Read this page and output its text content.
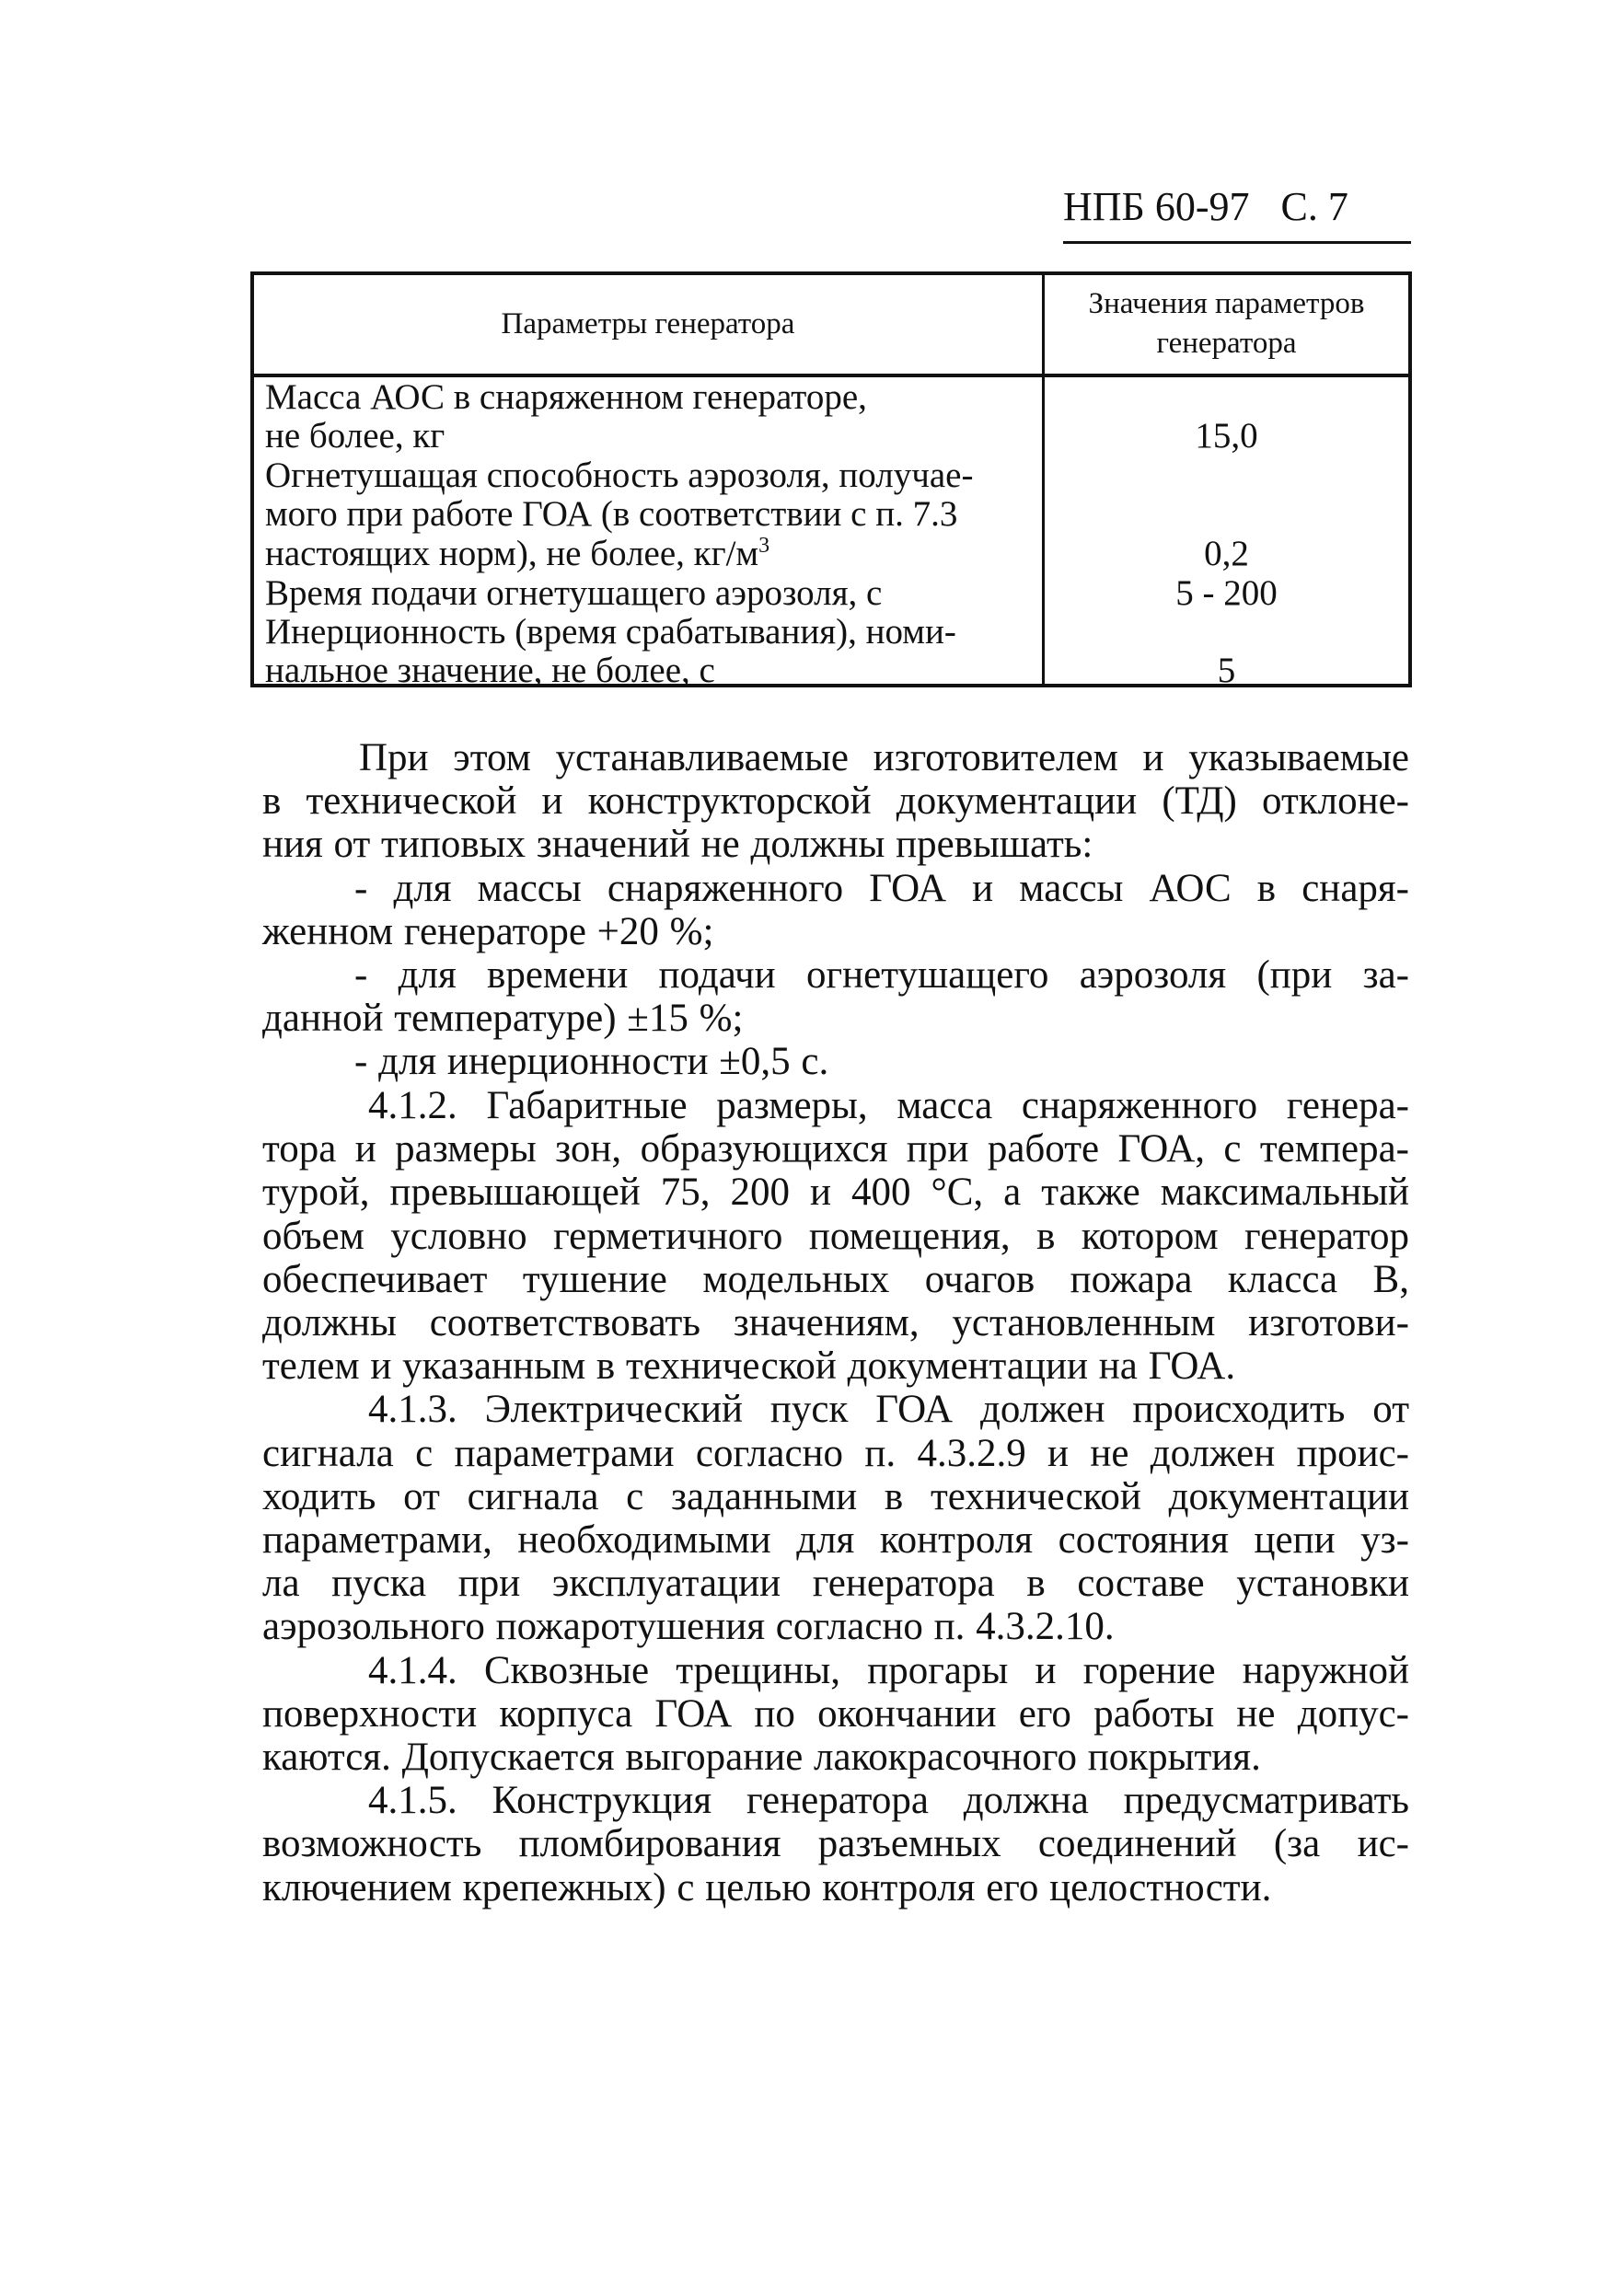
НПБ 60-97 С. 7
Параметры генератора
Значения параметров
генератора
Масса АОС в снаряженном генераторе,
не более, кг
Огнетушащая способность аэрозоля, получае-
мого при работе ГОА (в соответствии с п. 7.3
настоящих норм), не более, $кг/м^3$
Время подачи огнетушащего аэрозоля, с
Инерционность (время срабатывания), номи-
нальное значение, не более, с
15,0
0,2
5 - 200
5
При этом устанавливаемые изготовителем и указываемые
в технической и конструкторской документации (ТД) отклоне-
ния от типовых значений не должны превышать:
- для массы снаряженного ГОА и массы АОС в снаря-
женном генераторе +20 %;
- для времени подачи огнетушащего аэрозоля (при за-
данной температуре) ±15 %;
- для инерционности ±0,5 с.
4.1.2. Габаритные размеры, масса снаряженного генера-
тора и размеры зон, образующихся при работе ГОА, с темпера-
турой, превышающей 75, 200 и 400 °С, а также максимальный
объем условно герметичного помещения, в котором генератор
обеспечивает тушение модельных очагов пожара класса В,
должны соответствовать значениям, установленным изготови-
телем и указанным в технической документации на ГОА.
4.1.3. Электрический пуск ГОА должен происходить от
сигнала с параметрами согласно п. 4.3.2.9 и не должен проис-
ходить от сигнала с заданными в технической документации
параметрами, необходимыми для контроля состояния цепи уз-
ла пуска при эксплуатации генератора в составе установки
аэрозольного пожаротушения согласно п. 4.3.2.10.
4.1.4. Сквозные трещины, прогары и горение наружной
поверхности корпуса ГОА по окончании его работы не допус-
каются. Допускается выгорание лакокрасочного покрытия.
4.1.5. Конструкция генератора должна предусматривать
возможность пломбирования разъемных соединений (за ис-
ключением крепежных) с целью контроля его целостности.
